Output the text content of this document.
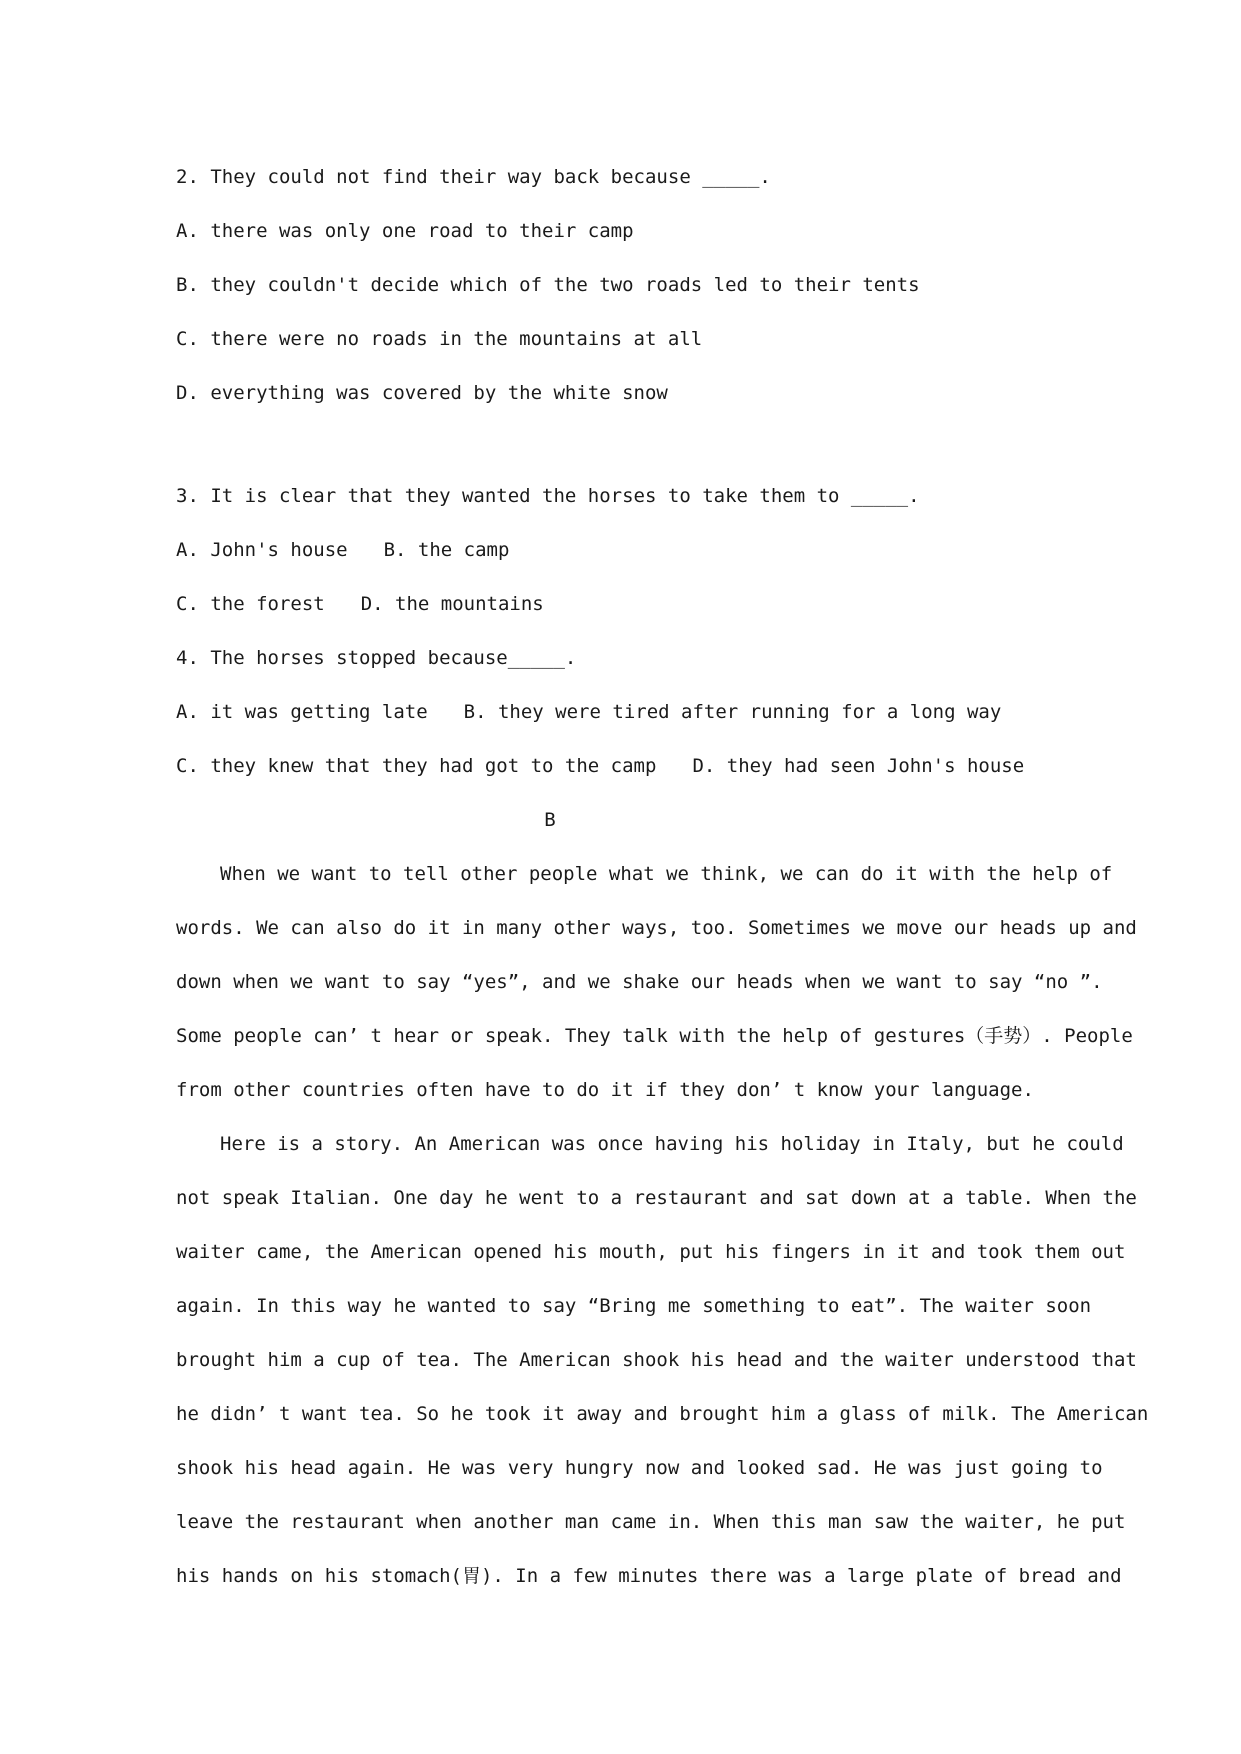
2. They could not find their way back because _____.
A. there was only one road to their camp
B. they couldn't decide which of the two roads led to their tents
C. there were no roads in the mountains at all
D. everything was covered by the white snow
3. It is clear that they wanted the horses to take them to _____.
A. John's house B. the camp
C. the forest D. the mountains
4. The horses stopped because_____.
A. it was getting late B. they were tired after running for a long way
C. they knew that they had got to the camp D. they had seen John's house
B
When we want to tell other people what we think, we can do it with the help of
words. We can also do it in many other ways, too. Sometimes we move our heads up and
down when we want to say “yes”, and we shake our heads when we want to say “no ”.
Some people can’ t hear or speak. They talk with the help of gestures（手势）. People
from other countries often have to do it if they don’ t know your language.
Here is a story. An American was once having his holiday in Italy, but he could
not speak Italian. One day he went to a restaurant and sat down at a table. When the
waiter came, the American opened his mouth, put his fingers in it and took them out
again. In this way he wanted to say “Bring me something to eat”. The waiter soon
brought him a cup of tea. The American shook his head and the waiter understood that
he didn’ t want tea. So he took it away and brought him a glass of milk. The American
shook his head again. He was very hungry now and looked sad. He was just going to
leave the restaurant when another man came in. When this man saw the waiter, he put
his hands on his stomach(胃). In a few minutes there was a large plate of bread and
